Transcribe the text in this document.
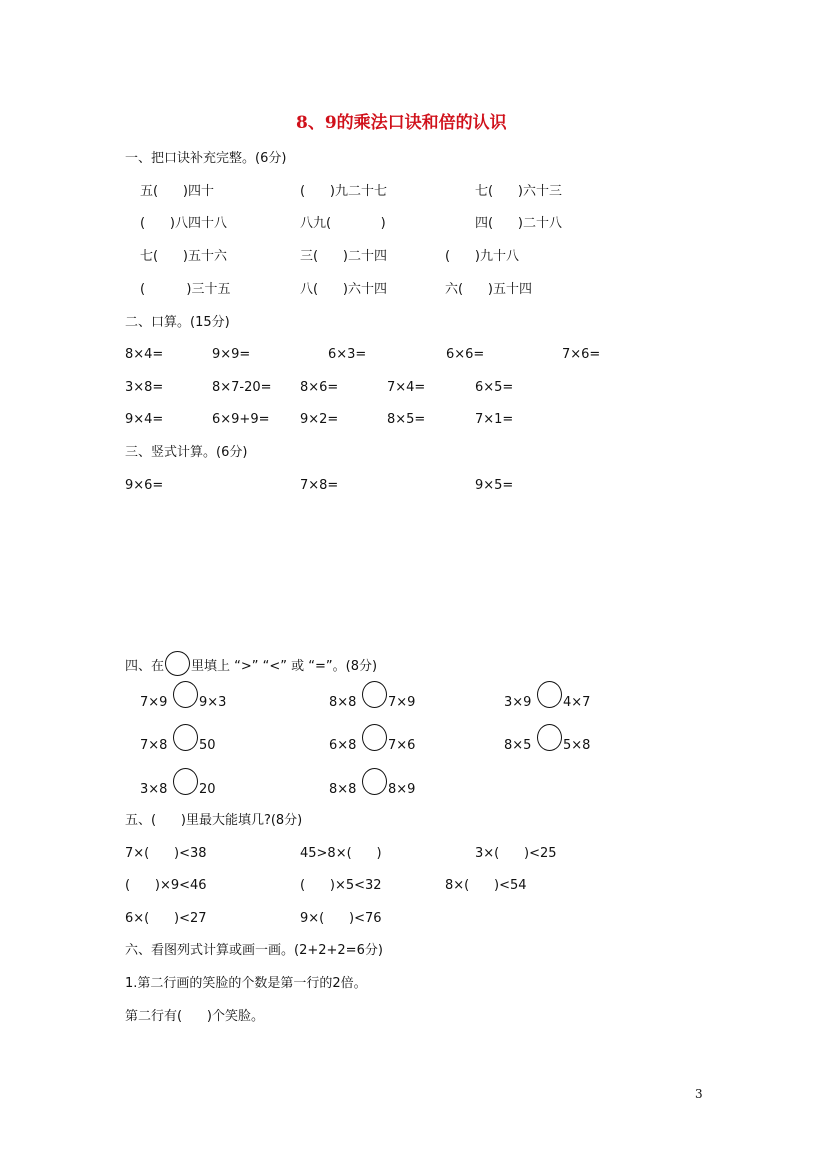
8、9的乘法口诀和倍的认识
一、把口诀补充完整。(6分)
五(      )四十	(      )九二十七	七(      )六十三
(      )八四十八	八九(            )	四(      )二十八
七(      )五十六	三(      )二十四	(      )九十八
(          )三十五	八(      )六十四	六(      )五十四
二、口算。(15分)
8×4=	9×9=	6×3=	6×6=	7×6=
3×8=	8×7-20= 8×6=	7×4=	6×5=
9×4=	6×9+9= 9×2=	8×5=	7×1=
三、竖式计算。(6分)
9×6=	7×8=	9×5=
四、在 里填上 “>” “<” 或 “=”。(8分)
7×9 9×3	8×8 7×9	3×9 4×7
7×8 50	6×8 7×6	8×5 5×8
3×8 20	8×8 8×9
五、(      )里最大能填几?(8分)
7×(      )<38	45>8×(      )	3×(      )<25
(      )×9<46	(      )×5<32	8×(      )<54
6×(      )<27	9×(      )<76
六、看图列式计算或画一画。(2+2+2=6分)
1.第二行画的笑脸的个数是第一行的2倍。
第二行有(      )个笑脸。
3
